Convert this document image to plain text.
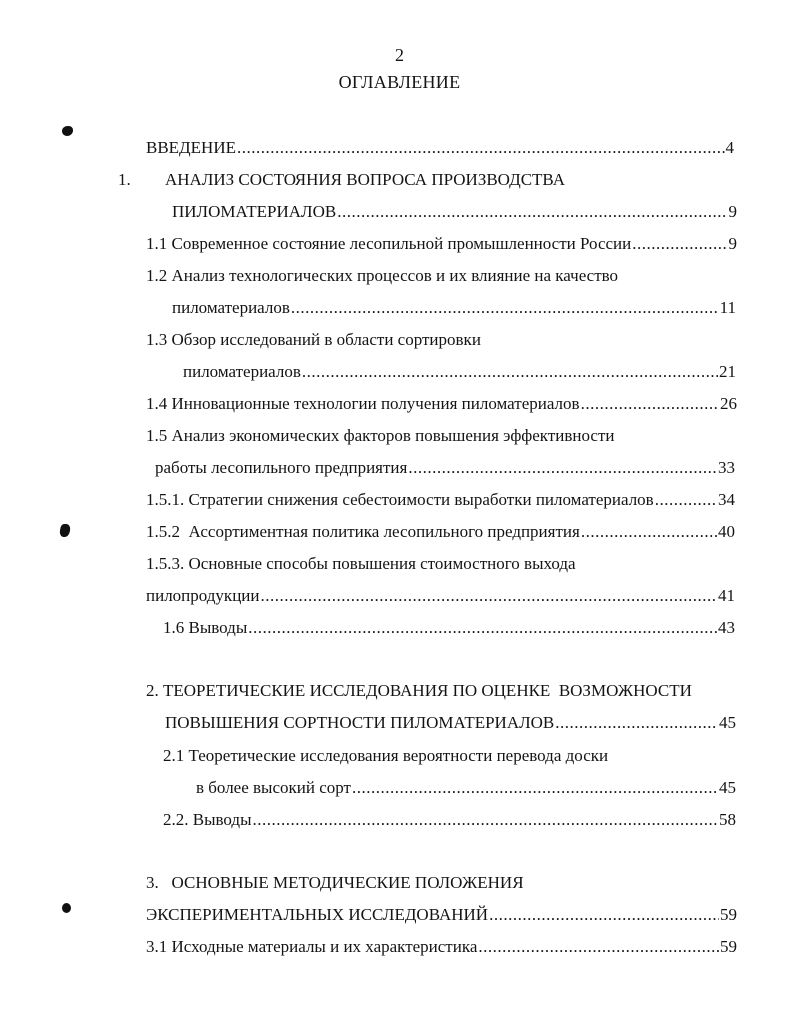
2
ОГЛАВЛЕНИЕ
ВВЕДЕНИЕ .....	4
1. АНАЛИЗ СОСТОЯНИЯ ВОПРОСА ПРОИЗВОДСТВА
ПИЛОМАТЕРИАЛОВ .....	9
1.1 Современное состояние лесопильной промышленности России .....	9
1.2 Анализ технологических процессов и их влияние на качество
пиломатериалов .....	11
1.3 Обзор исследований в области сортировки
пиломатериалов .....	21
1.4 Инновационные технологии получения пиломатериалов .....	26
1.5 Анализ экономических факторов повышения эффективности
работы лесопильного предприятия .....	33
1.5.1. Стратегии снижения себестоимости выработки пиломатериалов .....	34
1.5.2  Ассортиментная политика лесопильного предприятия .....	40
1.5.3. Основные способы повышения стоимостного выхода
пилопродукции .....	41
1.6 Выводы .....	43
2. ТЕОРЕТИЧЕСКИЕ ИССЛЕДОВАНИЯ ПО ОЦЕНКЕ  ВОЗМОЖНОСТИ
ПОВЫШЕНИЯ СОРТНОСТИ ПИЛОМАТЕРИАЛОВ .....	45
2.1 Теоретические исследования вероятности перевода доски
в более высокий сорт .....	45
2.2. Выводы .....	58
3.   ОСНОВНЫЕ МЕТОДИЧЕСКИЕ ПОЛОЖЕНИЯ
ЭКСПЕРИМЕНТАЛЬНЫХ ИССЛЕДОВАНИЙ .....	59
3.1 Исходные материалы и их характеристика .....	59
